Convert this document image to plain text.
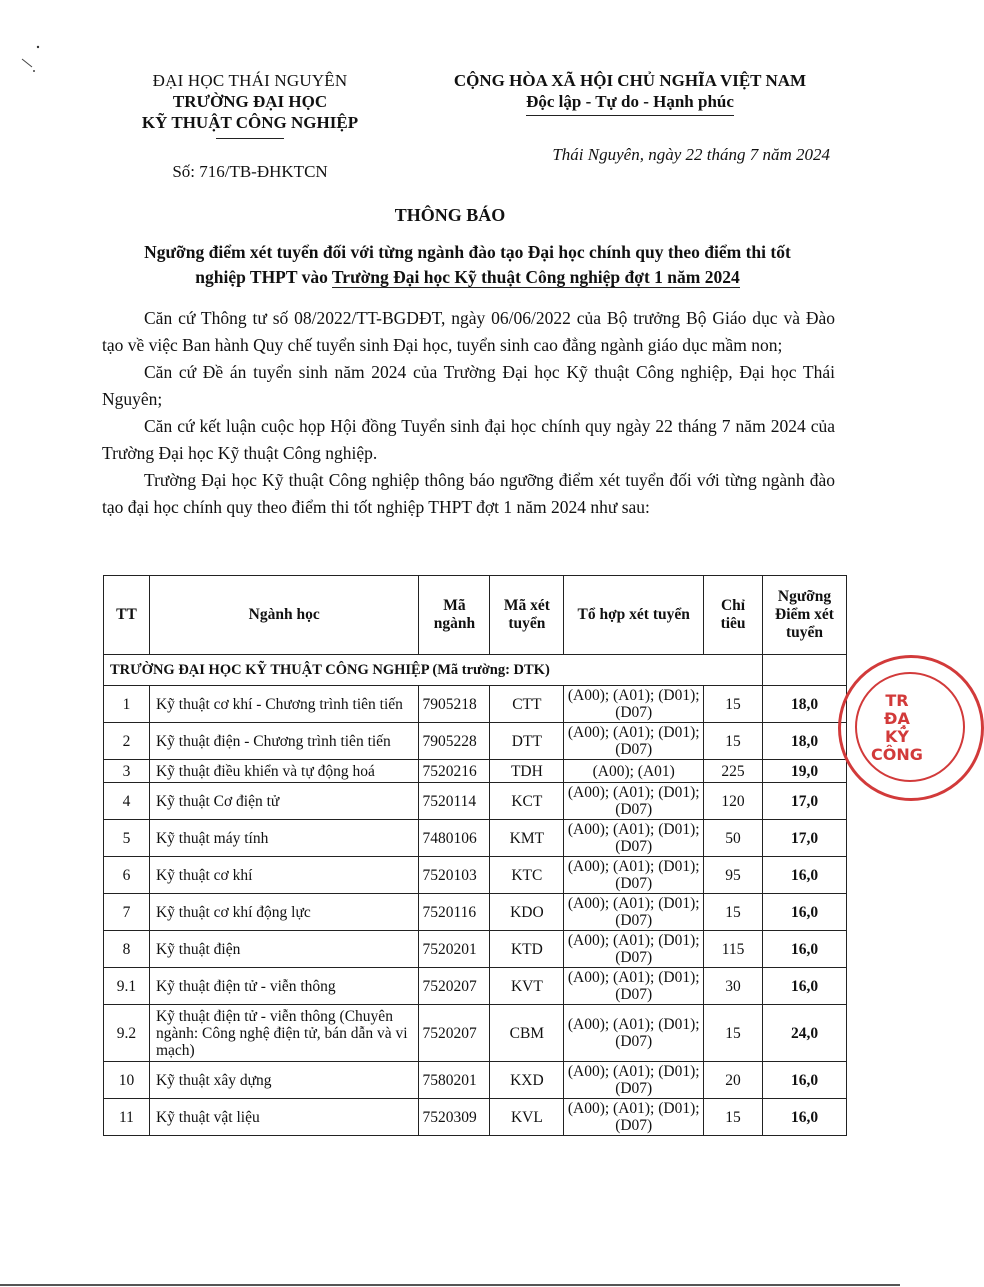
ĐẠI HỌC THÁI NGUYÊN
TRƯỜNG ĐẠI HỌC
KỸ THUẬT CÔNG NGHIỆP
Số: 716/TB-ĐHKTCN
CỘNG HÒA XÃ HỘI CHỦ NGHĨA VIỆT NAM
Độc lập - Tự do - Hạnh phúc
Thái Nguyên, ngày 22 tháng 7 năm 2024
THÔNG BÁO
Ngưỡng điểm xét tuyển đối với từng ngành đào tạo Đại học chính quy theo điểm thi tốt
nghiệp THPT vào Trường Đại học Kỹ thuật Công nghiệp đợt 1 năm 2024

Căn cứ Thông tư số 08/2022/TT-BGDĐT, ngày 06/06/2022 của Bộ trưởng Bộ Giáo dục và Đào tạo về việc Ban hành Quy chế tuyển sinh Đại học, tuyển sinh cao đẳng ngành giáo dục mầm non;

Căn cứ Đề án tuyển sinh năm 2024 của Trường Đại học Kỹ thuật Công nghiệp, Đại học Thái Nguyên;

Căn cứ kết luận cuộc họp Hội đồng Tuyển sinh đại học chính quy ngày 22 tháng 7 năm 2024 của Trường Đại học Kỹ thuật Công nghiệp.

Trường Đại học Kỹ thuật Công nghiệp thông báo ngưỡng điểm xét tuyển đối với từng ngành đào tạo đại học chính quy theo điểm thi tốt nghiệp THPT đợt 1 năm 2024 như sau:

TT	Ngành học	Mã ngành	Mã xét tuyển	Tổ hợp xét tuyển	Chỉ tiêu	Ngưỡng Điểm xét tuyển
TRƯỜNG ĐẠI HỌC KỸ THUẬT CÔNG NGHIỆP (Mã trường: DTK)						
1	Kỹ thuật cơ khí - Chương trình tiên tiến	7905218	CTT	(A00); (A01); (D01); (D07)	15	18,0
2	Kỹ thuật điện - Chương trình tiên tiến	7905228	DTT	(A00); (A01); (D01); (D07)	15	18,0
3	Kỹ thuật điều khiển và tự động hoá	7520216	TDH	(A00); (A01)	225	19,0
4	Kỹ thuật Cơ điện tử	7520114	KCT	(A00); (A01); (D01); (D07)	120	17,0
5	Kỹ thuật máy tính	7480106	KMT	(A00); (A01); (D01); (D07)	50	17,0
6	Kỹ thuật cơ khí	7520103	KTC	(A00); (A01); (D01); (D07)	95	16,0
7	Kỹ thuật cơ khí động lực	7520116	KDO	(A00); (A01); (D01); (D07)	15	16,0
8	Kỹ thuật điện	7520201	KTD	(A00); (A01); (D01); (D07)	115	16,0
9.1	Kỹ thuật điện tử - viễn thông	7520207	KVT	(A00); (A01); (D01); (D07)	30	16,0
9.2	Kỹ thuật điện tử - viễn thông (Chuyên ngành: Công nghệ điện tử, bán dẫn và vi mạch)	7520207	CBM	(A00); (A01); (D01); (D07)	15	24,0
10	Kỹ thuật xây dựng	7580201	KXD	(A00); (A01); (D01); (D07)	20	16,0
11	Kỹ thuật vật liệu	7520309	KVL	(A00); (A01); (D01); (D07)	15	16,0
TR
ĐẠ
KỸ
CÔNG
